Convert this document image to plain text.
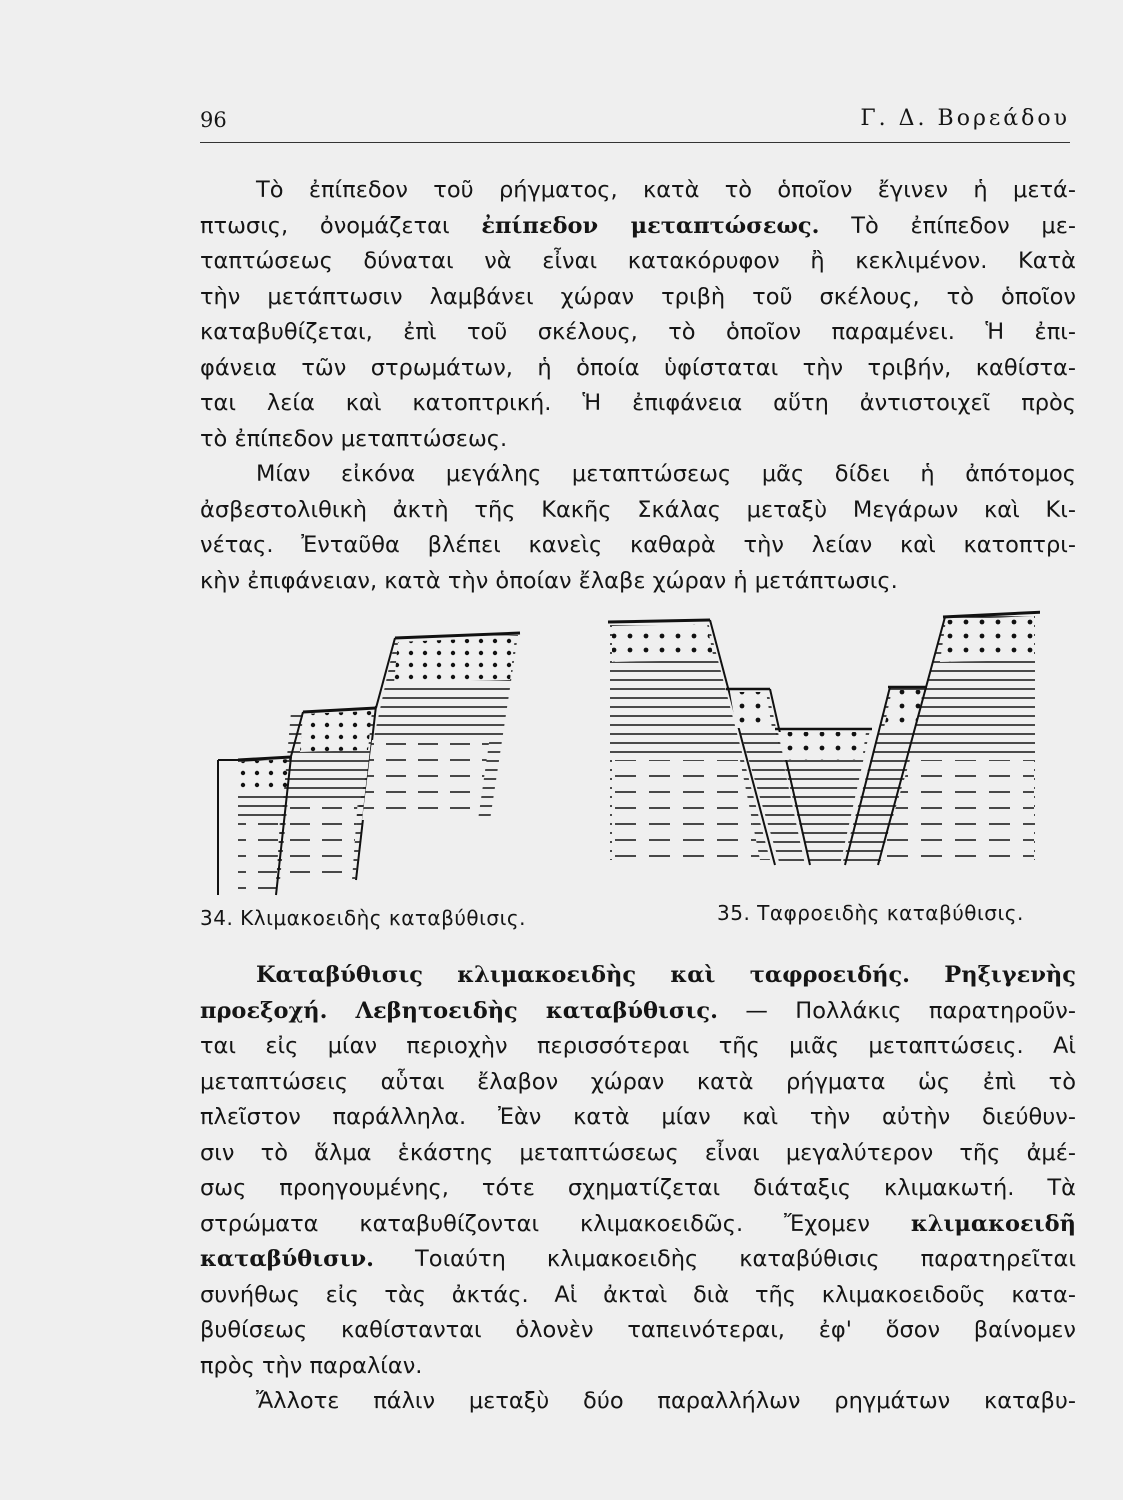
96	Γ. Δ. Βορεάδου
Τὸ ἐπίπεδον τοῦ ρήγματος, κατὰ τὸ ὁποῖον ἔγινεν ἡ μετά-
πτωσις, ὀνομάζεται ἐπίπεδον μεταπτώσεως. Τὸ ἐπίπεδον με-
ταπτώσεως δύναται νὰ εἶναι κατακόρυφον ἢ κεκλιμένον. Κατὰ
τὴν μετάπτωσιν λαμβάνει χώραν τριβὴ τοῦ σκέλους, τὸ ὁποῖον
καταβυθίζεται, ἐπὶ τοῦ σκέλους, τὸ ὁποῖον παραμένει. Ἡ ἐπι-
φάνεια τῶν στρωμάτων, ἡ ὁποία ὑφίσταται τὴν τριβήν, καθίστα-
ται λεία καὶ κατοπτρική. Ἡ ἐπιφάνεια αὕτη ἀντιστοιχεῖ πρὸς
τὸ ἐπίπεδον μεταπτώσεως.
Μίαν εἰκόνα μεγάλης μεταπτώσεως μᾶς δίδει ἡ ἀπότομος
ἀσβεστολιθικὴ ἀκτὴ τῆς Κακῆς Σκάλας μεταξὺ Μεγάρων καὶ Κι-
νέτας. Ἐνταῦθα βλέπει κανεὶς καθαρὰ τὴν λείαν καὶ κατοπτρι-
κὴν ἐπιφάνειαν, κατὰ τὴν ὁποίαν ἔλαβε χώραν ἡ μετάπτωσις.
34. Κλιμακοειδὴς καταβύθισις.	35. Ταφροειδὴς καταβύθισις.
Καταβύθισις κλιμακοειδὴς καὶ ταφροειδής. Ρηξιγενὴς
προεξοχή. Λεβητοειδὴς καταβύθισις. — Πολλάκις παρατηροῦν-
ται εἰς μίαν περιοχὴν περισσότεραι τῆς μιᾶς μεταπτώσεις. Αἱ
μεταπτώσεις αὗται ἔλαβον χώραν κατὰ ρήγματα ὡς ἐπὶ τὸ
πλεῖστον παράλληλα. Ἐὰν κατὰ μίαν καὶ τὴν αὐτὴν διεύθυν-
σιν τὸ ἅλμα ἑκάστης μεταπτώσεως εἶναι μεγαλύτερον τῆς ἀμέ-
σως προηγουμένης, τότε σχηματίζεται διάταξις κλιμακωτή. Τὰ
στρώματα καταβυθίζονται κλιμακοειδῶς. Ἔχομεν κλιμακοειδῆ
καταβύθισιν. Τοιαύτη κλιμακοειδὴς καταβύθισις παρατηρεῖται
συνήθως εἰς τὰς ἀκτάς. Αἱ ἀκταὶ διὰ τῆς κλιμακοειδοῦς κατα-
βυθίσεως καθίστανται ὁλονὲν ταπεινότεραι, ἐφ' ὅσον βαίνομεν
πρὸς τὴν παραλίαν.
Ἄλλοτε πάλιν μεταξὺ δύο παραλλήλων ρηγμάτων καταβυ-
